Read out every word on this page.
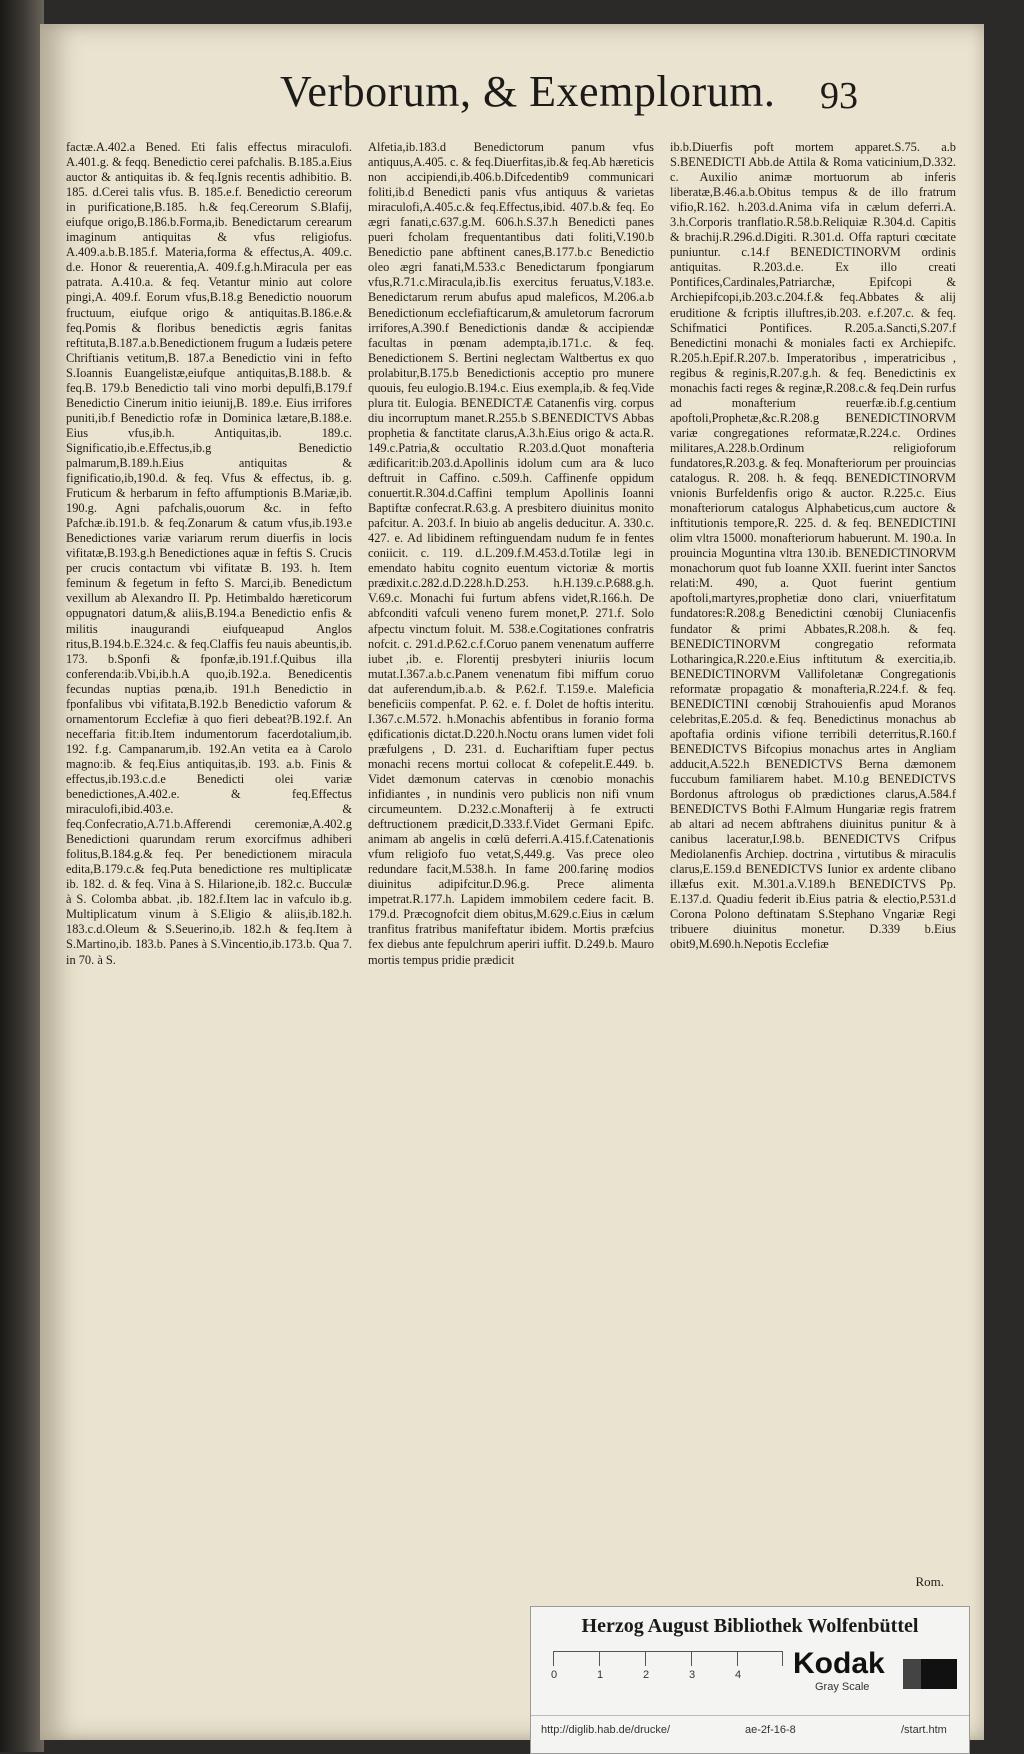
Verborum, & Exemplorum. 93

factæ.A.402.a Bened. Eti falis effectus miraculofi. A.401.g. & feqq. Benedictio cerei pafchalis. B.185.a.Eius auctor & antiquitas ib. & feq.Ignis recentis adhibitio. B. 185. d.Cerei talis vfus. B. 185.e.f. Benedictio cereorum in purificatione,B.185. h.& feq.Cereorum S.Blafij, eiufque origo,B.186.b.Forma,ib. Benedictarum cerearum imaginum antiquitas & vfus religiofus. A.409.a.b.B.185.f. Materia,forma & effectus,A. 409.c. d.e. Honor & reuerentia,A. 409.f.g.h.Miracula per eas patrata. A.410.a. & feq. Vetantur minio aut colore pingi,A. 409.f. Eorum vfus,B.18.g Benedictio nouorum fructuum, eiufque origo & antiquitas.B.186.e.& feq.Pomis & floribus benedictis ægris fanitas reftituta,B.187.a.b.Benedictionem frugum a Iudæis petere Chriftianis vetitum,B. 187.a Benedictio vini in fefto S.Ioannis Euangelistæ,eiufque antiquitas,B.188.b. & feq.B. 179.b Benedictio tali vino morbi depulfi,B.179.f Benedictio Cinerum initio ieiunij,B. 189.e. Eius irrifores puniti,ib.f Benedictio rofæ in Dominica lætare,B.188.e. Eius vfus,ib.h. Antiquitas,ib. 189.c. Significatio,ib.e.Effectus,ib.g Benedictio palmarum,B.189.h.Eius antiquitas & fignificatio,ib,190.d. & feq. Vfus & effectus, ib. g. Fruticum & herbarum in fefto affumptionis B.Mariæ,ib. 190.g. Agni pafchalis,ouorum &c. in fefto Pafchæ.ib.191.b. & feq.Zonarum & catum vfus,ib.193.e Benedictiones variæ variarum rerum diuerfis in locis vifitatæ,B.193.g.h Benedictiones aquæ in feftis S. Crucis per crucis contactum vbi vifitatæ B. 193. h. Item feminum & fegetum in fefto S. Marci,ib. Benedictum vexillum ab Alexandro II. Pp. Hetimbaldo hæreticorum oppugnatori datum,& aliis,B.194.a Benedictio enfis & militis inaugurandi eiufqueapud Anglos ritus,B.194.b.E.324.c. & feq.Claffis feu nauis abeuntis,ib. 173. b.Sponfi & fponfæ,ib.191.f.Quibus illa conferenda:ib.Vbi,ib.h.A quo,ib.192.a. Benedicentis fecundas nuptias pœna,ib. 191.h Benedictio in fponfalibus vbi vifitata,B.192.b Benedictio vaforum & ornamentorum Ecclefiæ à quo fieri debeat?B.192.f. An neceffaria fit:ib.Item indumentorum facerdotalium,ib. 192. f.g. Campanarum,ib. 192.An vetita ea à Carolo magno:ib. & feq.Eius antiquitas,ib. 193. a.b. Finis & effectus,ib.193.c.d.e Benedicti olei variæ benedictiones,A.402.e. & feq.Effectus miraculofi,ibid.403.e. & feq.Confecratio,A.71.b.Afferendi ceremoniæ,A.402.g Benedictioni quarundam rerum exorcifmus adhiberi folitus,B.184.g.& feq. Per benedictionem miracula edita,B.179.c.& feq.Puta benedictione res multiplicatæ ib. 182. d. & feq. Vina à S. Hilarione,ib. 182.c. Bucculæ à S. Colomba abbat. ,ib. 182.f.Item lac in vafculo ib.g. Multiplicatum vinum à S.Eligio & aliis,ib.182.h. 183.c.d.Oleum & S.Seuerino,ib. 182.h & feq.Item à S.Martino,ib. 183.b. Panes à S.Vincentio,ib.173.b. Qua 7. in 70. à S.

Alfetia,ib.183.d Benedictorum panum vfus antiquus,A.405. c. & feq.Diuerfitas,ib.& feq.Ab hæreticis non accipiendi,ib.406.b.Difcedentib9 communicari foliti,ib.d Benedicti panis vfus antiquus & varietas miraculofi,A.405.c.& feq.Effectus,ibid. 407.b.& feq. Eo ægri fanati,c.637.g.M. 606.h.S.37.h Benedicti panes pueri fcholam frequentantibus dati foliti,V.190.b Benedictio pane abftinent canes,B.177.b.c Benedictio oleo ægri fanati,M.533.c Benedictarum fpongiarum vfus,R.71.c.Miracula,ib.Iis exercitus feruatus,V.183.e. Benedictarum rerum abufus apud maleficos, M.206.a.b Benedictionum ecclefiafticarum,& amuletorum facrorum irrifores,A.390.f Benedictionis dandæ & accipiendæ facultas in pœnam adempta,ib.171.c. & feq. Benedictionem S. Bertini neglectam Waltbertus ex quo prolabitur,B.175.b Benedictionis acceptio pro munere quouis, feu eulogio.B.194.c. Eius exempla,ib. & feq.Vide plura tit. Eulogia. BENEDICTÆ Catanenfis virg. corpus diu incorruptum manet.R.255.b S.BENEDICTVS Abbas prophetia & fanctitate clarus,A.3.h.Eius origo & acta.R. 149.c.Patria,& occultatio R.203.d.Quot monafteria ædificarit:ib.203.d.Apollinis idolum cum ara & luco deftruit in Caffino. c.509.h. Caffinenfe oppidum conuertit.R.304.d.Caffini templum Apollinis Ioanni Baptiftæ confecrat.R.63.g. A presbitero diuinitus monito pafcitur. A. 203.f. In biuio ab angelis deducitur. A. 330.c. 427. e. Ad libidinem reftinguendam nudum fe in fentes coniicit. c. 119. d.L.209.f.M.453.d.Totilæ legi in emendato habitu cognito euentum victoriæ & mortis prædixit.c.282.d.D.228.h.D.253. h.H.139.c.P.688.g.h. V.69.c. Monachi fui furtum abfens videt,R.166.h. De abfconditi vafculi veneno furem monet,P. 271.f. Solo afpectu vinctum foluit. M. 538.e.Cogitationes confratris nofcit. c. 291.d.P.62.c.f.Coruo panem venenatum aufferre iubet ,ib. e. Florentij presbyteri iniuriis locum mutat.I.367.a.b.c.Panem venenatum fibi miffum coruo dat auferendum,ib.a.b. & P.62.f. T.159.e. Maleficia beneficiis compenfat. P. 62. e. f. Dolet de hoftis interitu. I.367.c.M.572. h.Monachis abfentibus in foranio forma ędificationis dictat.D.220.h.Noctu orans lumen videt foli præfulgens , D. 231. d. Euchariftiam fuper pectus monachi recens mortui collocat & cofepelit.E.449. b. Videt dæmonum catervas in cœnobio monachis infidiantes , in nundinis vero publicis non nifi vnum circumeuntem. D.232.c.Monafterij à fe extructi deftructionem prædicit,D.333.f.Videt Germani Epifc. animam ab angelis in cœlū deferri.A.415.f.Catenationis vfum religiofo fuo vetat,S,449.g. Vas prece oleo redundare facit,M.538.h. In fame 200.farinę modios diuinitus adipifcitur.D.96.g. Prece alimenta impetrat.R.177.h. Lapidem immobilem cedere facit. B. 179.d. Præcognofcit diem obitus,M.629.c.Eius in cælum tranfitus fratribus manifeftatur ibidem. Mortis præfcius fex diebus ante fepulchrum aperiri iuffit. D.249.b. Mauro mortis tempus pridie prædicit

ib.b.Diuerfis poft mortem apparet.S.75. a.b S.BENEDICTI Abb.de Attila & Roma vaticinium,D.332. c. Auxilio animæ mortuorum ab inferis liberatæ,B.46.a.b.Obitus tempus & de illo fratrum vifio,R.162. h.203.d.Anima vifa in cælum deferri.A. 3.h.Corporis tranflatio.R.58.b.Reliquiæ R.304.d. Capitis & brachij.R.296.d.Digiti. R.301.d. Offa rapturi cœcitate puniuntur. c.14.f BENEDICTINORVM ordinis antiquitas. R.203.d.e. Ex illo creati Pontifices,Cardinales,Patriarchæ, Epifcopi & Archiepifcopi,ib.203.c.204.f.& feq.Abbates & alij eruditione & fcriptis illuftres,ib.203. e.f.207.c. & feq. Schifmatici Pontifices. R.205.a.Sancti,S.207.f Benedictini monachi & moniales facti ex Archiepifc. R.205.h.Epif.R.207.b. Imperatoribus , imperatricibus , regibus & reginis,R.207.g.h. & feq. Benedictinis ex monachis facti reges & reginæ,R.208.c.& feq.Dein rurfus ad monafterium reuerfæ.ib.f.g.centium apoftoli,Prophetæ,&c.R.208.g BENEDICTINORVM variæ congregationes reformatæ,R.224.c. Ordines militares,A.228.b.Ordinum religioforum fundatores,R.203.g. & feq. Monafteriorum per prouincias catalogus. R. 208. h. & feqq. BENEDICTINORVM vnionis Burfeldenfis origo & auctor. R.225.c. Eius monafteriorum catalogus Alphabeticus,cum auctore & inftitutionis tempore,R. 225. d. & feq. BENEDICTINI olim vltra 15000. monafteriorum habuerunt. M. 190.a. In prouincia Moguntina vltra 130.ib. BENEDICTINORVM monachorum quot fub Ioanne XXII. fuerint inter Sanctos relati:M. 490, a. Quot fuerint gentium apoftoli,martyres,prophetiæ dono clari, vniuerfitatum fundatores:R.208.g Benedictini cœnobij Cluniacenfis fundator & primi Abbates,R.208.h. & feq. BENEDICTINORVM congregatio reformata Lotharingica,R.220.e.Eius inftitutum & exercitia,ib. BENEDICTINORVM Vallifoletanæ Congregationis reformatæ propagatio & monafteria,R.224.f. & feq. BENEDICTINI cœnobij Strahouienfis apud Moranos celebritas,E.205.d. & feq. Benedictinus monachus ab apoftafia ordinis vifione terribili deterritus,R.160.f BENEDICTVS Bifcopius monachus artes in Angliam adducit,A.522.h BENEDICTVS Berna dæmonem fuccubum familiarem habet. M.10.g BENEDICTVS Bordonus aftrologus ob prædictiones clarus,A.584.f BENEDICTVS Bothi F.Almum Hungariæ regis fratrem ab altari ad necem abftrahens diuinitus punitur & à canibus laceratur,I.98.b. BENEDICTVS Crifpus Mediolanenfis Archiep. doctrina , virtutibus & miraculis clarus,E.159.d BENEDICTVS Iunior ex ardente clibano illæfus exit. M.301.a.V.189.h BENEDICTVS Pp. E.137.d. Quadiu federit ib.Eius patria & electio,P.531.d Corona Polono deftinatam S.Stephano Vngariæ Regi tribuere diuinitus monetur. D.339 b.Eius obit9,M.690.h.Nepotis Ecclefiæ

Rom.
Herzog August Bibliothek Wolfenbüttel
0	1	2	3	4 Kodak
Gray Scale
http://diglib.hab.de/drucke/	ae-2f-16-8	/start.htm
